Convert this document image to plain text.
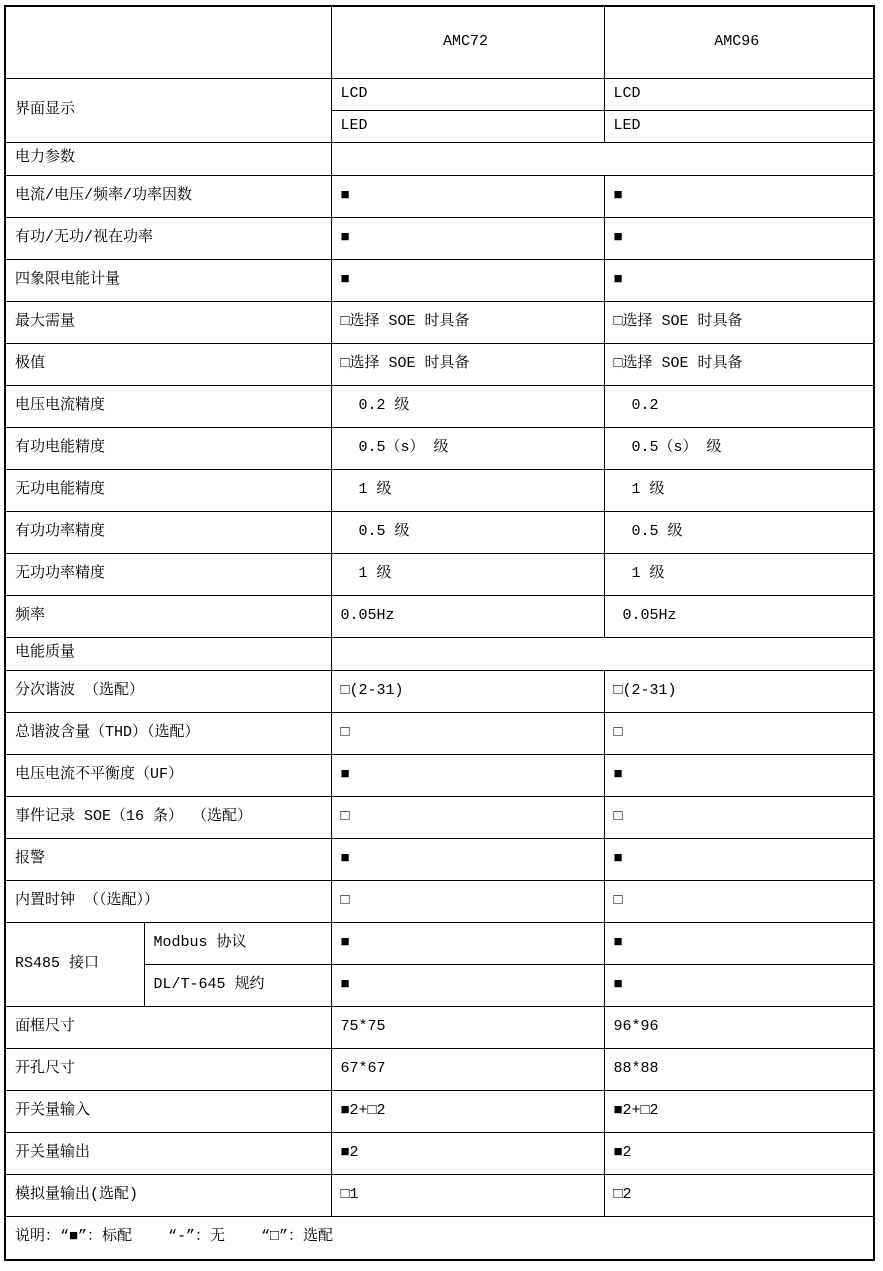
		AMC72	AMC96
界面显示		LCD	LCD
		LED	LED
电力参数			
电流/电压/频率/功率因数		■	■
有功/无功/视在功率		■	■
四象限电能计量		■	■
最大需量		□选择 SOE 时具备	□选择 SOE 时具备
极值		□选择 SOE 时具备	□选择 SOE 时具备
电压电流精度		0.2 级	0.2
有功电能精度		0.5（s） 级	0.5（s） 级
无功电能精度		1 级	1 级
有功功率精度		0.5 级	0.5 级
无功功率精度		1 级	1 级
频率		0.05Hz	0.05Hz
电能质量			
分次谐波 （选配）		□(2-31)	□(2-31)
总谐波含量（THD）（选配）		□	□
电压电流不平衡度（UF）		■	■
事件记录 SOE（16 条） （选配）		□	□
报警		■	■
内置时钟 （（选配））		□	□
RS485 接口	Modbus 协议	■	■
	DL/T-645 规约	■	■
面框尺寸		75*75	96*96
开孔尺寸		67*67	88*88
开关量输入		■2+□2	■2+□2
开关量输出		■2	■2
模拟量输出(选配)		□1	□2
说明：“■”：标配    “-”：无    “□”：选配			
